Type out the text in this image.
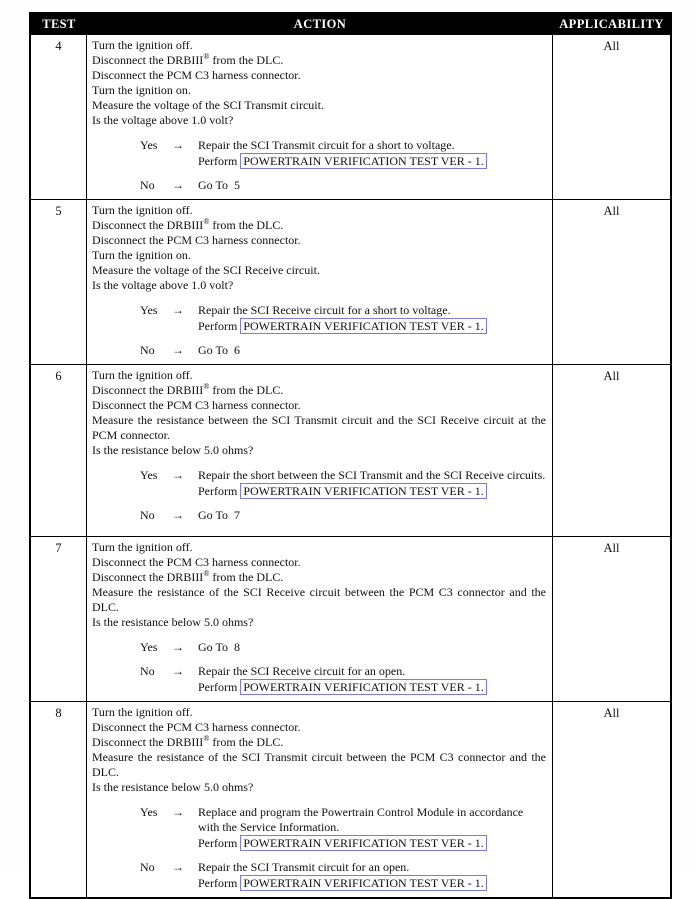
TEST	ACTION	APPLICABILITY
4	Turn the ignition off.
Disconnect the DRBIII® from the DLC.
Disconnect the PCM C3 harness connector.
Turn the ignition on.
Measure the voltage of the SCI Transmit circuit.
Is the voltage above 1.0 volt?
Yes	→	Repair the SCI Transmit circuit for a short to voltage.
Perform POWERTRAIN VERIFICATION TEST VER - 1.
No	→	Go To  5
All
5	Turn the ignition off.
Disconnect the DRBIII® from the DLC.
Disconnect the PCM C3 harness connector.
Turn the ignition on.
Measure the voltage of the SCI Receive circuit.
Is the voltage above 1.0 volt?
Yes	→	Repair the SCI Receive circuit for a short to voltage.
Perform POWERTRAIN VERIFICATION TEST VER - 1.
No	→	Go To  6
All
6	Turn the ignition off.
Disconnect the DRBIII® from the DLC.
Disconnect the PCM C3 harness connector.
Measure the resistance between the SCI Transmit circuit and the SCI Receive circuit at the PCM connector.
Is the resistance below 5.0 ohms?
Yes	→	Repair the short between the SCI Transmit and the SCI Receive circuits.
Perform POWERTRAIN VERIFICATION TEST VER - 1.
No	→	Go To  7
All
7	Turn the ignition off.
Disconnect the PCM C3 harness connector.
Disconnect the DRBIII® from the DLC.
Measure the resistance of the SCI Receive circuit between the PCM C3 connector and the DLC.
Is the resistance below 5.0 ohms?
Yes	→	Go To  8
No	→	Repair the SCI Receive circuit for an open.
Perform POWERTRAIN VERIFICATION TEST VER - 1.
All
8	Turn the ignition off.
Disconnect the PCM C3 harness connector.
Disconnect the DRBIII® from the DLC.
Measure the resistance of the SCI Transmit circuit between the PCM C3 connector and the DLC.
Is the resistance below 5.0 ohms?
Yes	→	Replace and program the Powertrain Control Module in accordance with the Service Information.
Perform POWERTRAIN VERIFICATION TEST VER - 1.
No	→	Repair the SCI Transmit circuit for an open.
Perform POWERTRAIN VERIFICATION TEST VER - 1.
All
